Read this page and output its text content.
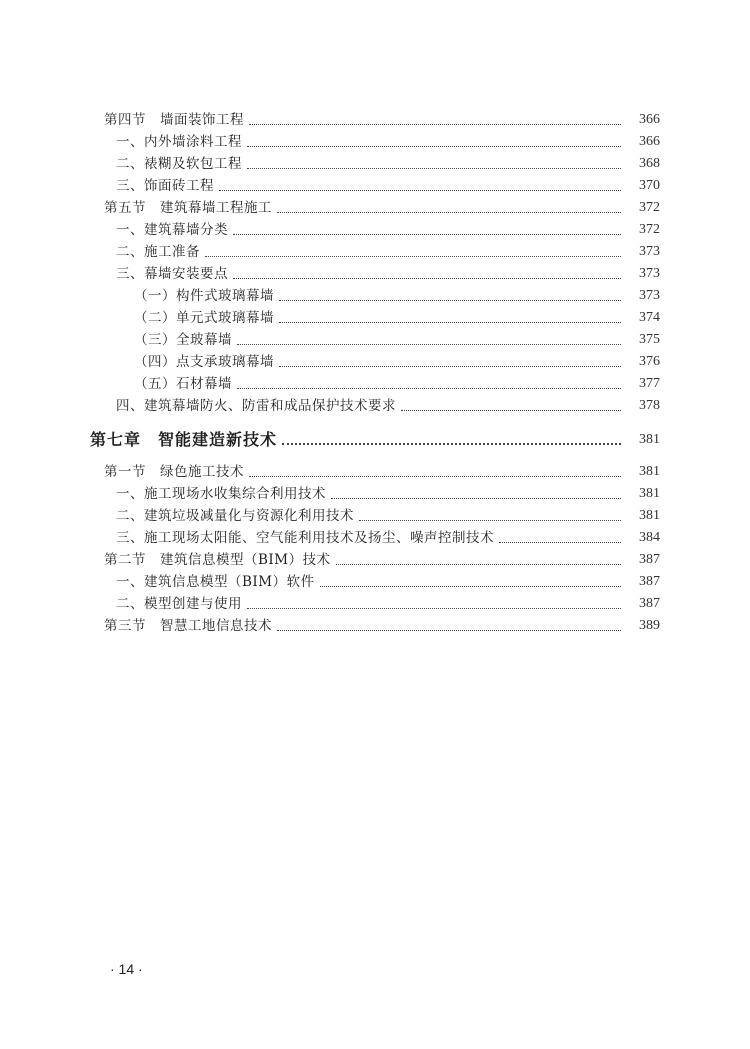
第四节　墙面装饰工程	366
一、内外墙涂料工程	366
二、裱糊及软包工程	368
三、饰面砖工程	370
第五节　建筑幕墙工程施工	372
一、建筑幕墙分类	372
二、施工准备	373
三、幕墙安装要点	373
（一）构件式玻璃幕墙	373
（二）单元式玻璃幕墙	374
（三）全玻幕墙	375
（四）点支承玻璃幕墙	376
（五）石材幕墙	377
四、建筑幕墙防火、防雷和成品保护技术要求	378
第七章　智能建造新技术	381
第一节　绿色施工技术	381
一、施工现场水收集综合利用技术	381
二、建筑垃圾减量化与资源化利用技术	381
三、施工现场太阳能、空气能利用技术及扬尘、噪声控制技术	384
第二节　建筑信息模型（BIM）技术	387
一、建筑信息模型（BIM）软件	387
二、模型创建与使用	387
第三节　智慧工地信息技术	389
· 14 ·
